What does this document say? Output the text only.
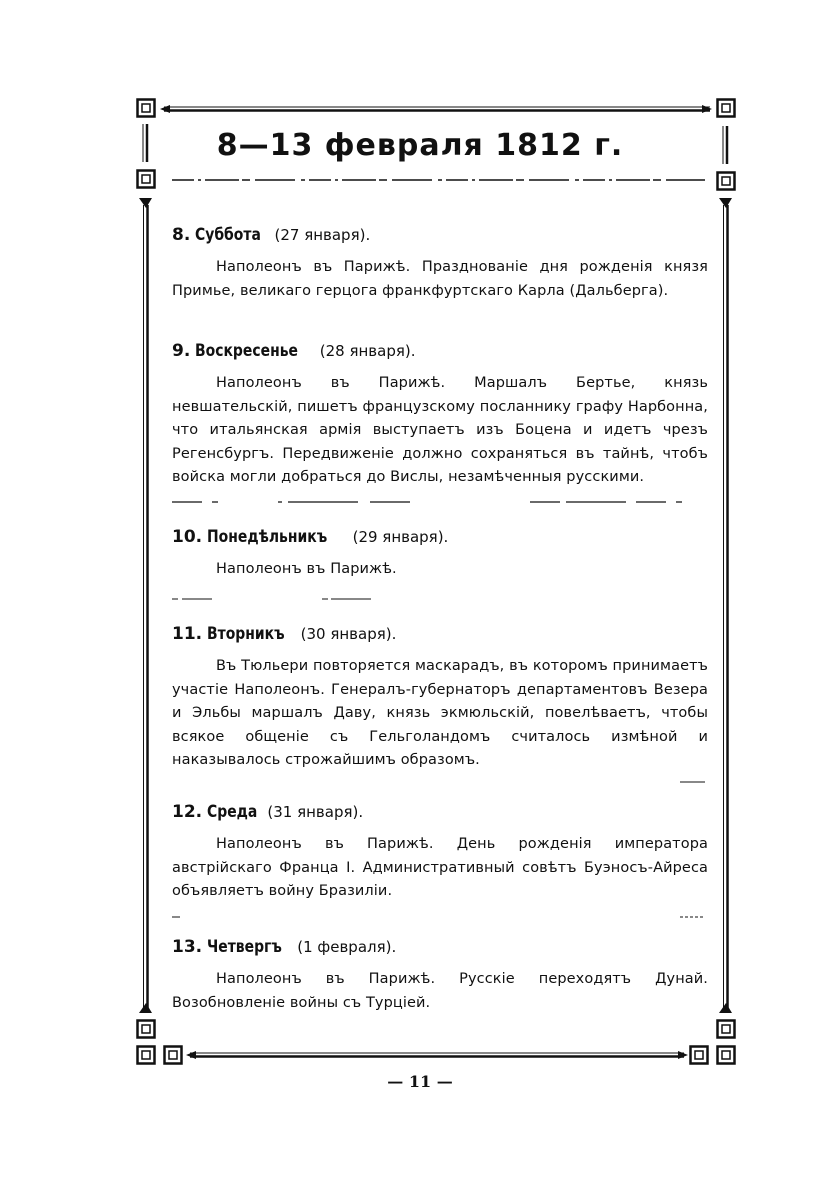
8—13 февраля 1812 г.
8. Суббота (27 января).
Наполеонъ въ Парижѣ. Празднованіе дня рожденія князя Примье, великаго герцога франкфуртскаго Карла (Дальберга).
9. Воскресенье (28 января).
Наполеонъ въ Парижѣ. Маршалъ Бертье, князь невшательскій, пишетъ французскому посланнику графу Нарбонна, что итальянская армія выступаетъ изъ Боцена и идетъ чрезъ Регенсбургъ. Передвиженіе должно сохраняться въ тайнѣ, чтобъ войска могли добраться до Вислы, незамѣченныя русскими.
10. Понедѣльникъ (29 января).
Наполеонъ въ Парижѣ.
11. Вторникъ (30 января).
Въ Тюльери повторяется маскарадъ, въ которомъ принимаетъ участіе Наполеонъ. Генералъ-губернаторъ департаментовъ Везера и Эльбы маршалъ Даву, князь экмюльскій, повелѣваетъ, чтобы всякое общеніе съ Гельголандомъ считалось измѣной и наказывалось строжайшимъ образомъ.
12. Среда (31 января).
Наполеонъ въ Парижѣ. День рожденія императора австрійскаго Франца I. Административный совѣтъ Буэносъ-Айреса объявляетъ войну Бразиліи.
13. Четвергъ (1 февраля).
Наполеонъ въ Парижѣ. Русскіе переходятъ Дунай. Возобновленіе войны съ Турціей.
— 11 —
